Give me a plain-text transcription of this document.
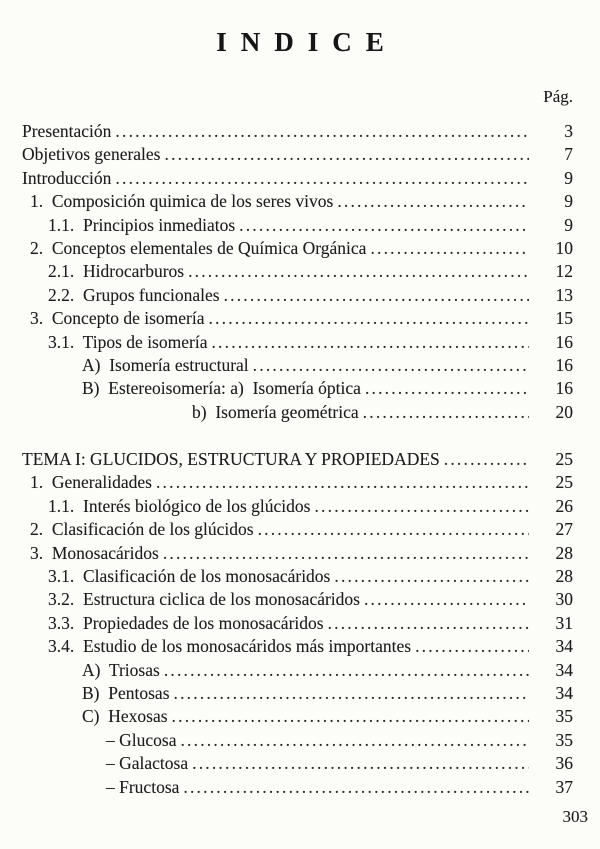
INDICE
Pág.
Presentación .....	3
Objetivos generales .....	7
Introducción .....	9
1.  Composición quimica de los seres vivos .....	9
1.1.  Principios inmediatos .....	9
2.  Conceptos elementales de Química Orgánica .....	10
2.1.  Hidrocarburos .....	12
2.2.  Grupos funcionales .....	13
3.  Concepto de isomería .....	15
3.1.  Tipos de isomería .....	16
A)  Isomería estructural .....	16
B)  Estereoisomería: a)  Isomería óptica .....	16
b)  Isomería geométrica .....	20
TEMA I: GLUCIDOS, ESTRUCTURA Y PROPIEDADES .....	25
1.  Generalidades .....	25
1.1.  Interés biológico de los glúcidos .....	26
2.  Clasificación de los glúcidos .....	27
3.  Monosacáridos .....	28
3.1.  Clasificación de los monosacáridos .....	28
3.2.  Estructura ciclica de los monosacáridos .....	30
3.3.  Propiedades de los monosacáridos .....	31
3.4.  Estudio de los monosacáridos más importantes .....	34
A)  Triosas .....	34
B)  Pentosas .....	34
C)  Hexosas .....	35
– Glucosa .....	35
– Galactosa .....	36
– Fructosa .....	37
303
